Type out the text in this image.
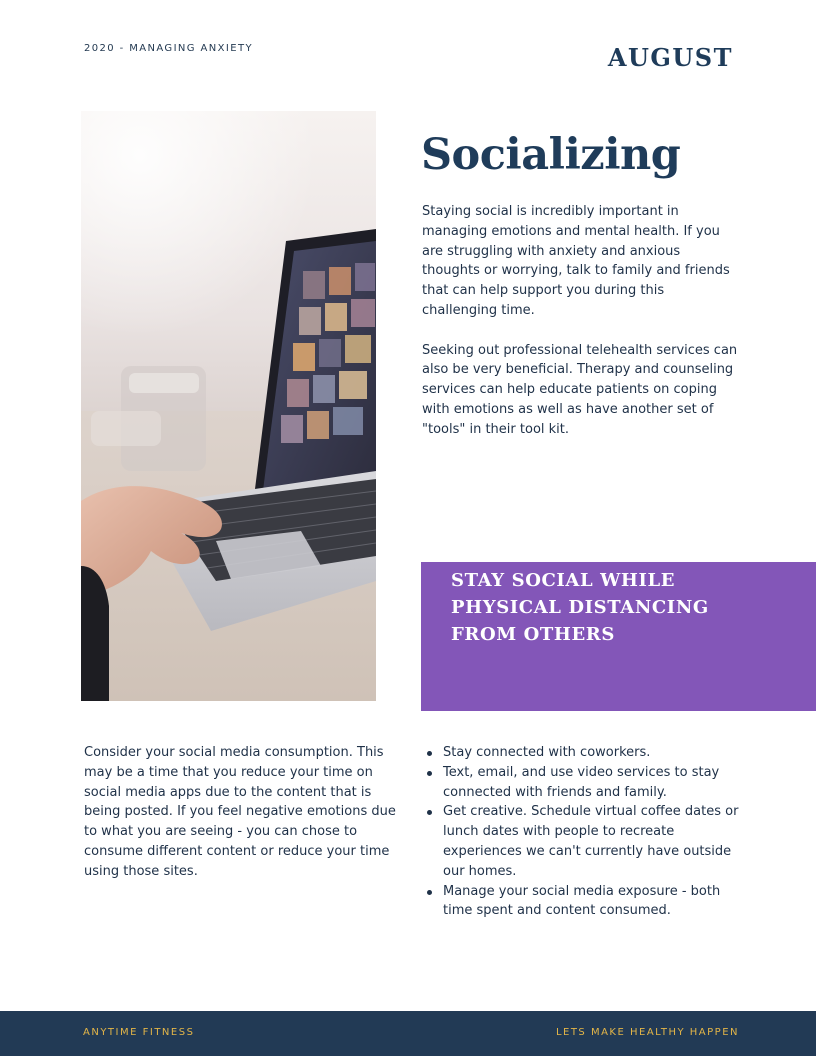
2020 - MANAGING ANXIETY	AUGUST
Socializing

Staying social is incredibly important in managing emotions and mental health. If you are struggling with anxiety and anxious thoughts or worrying, talk to family and friends that can help support you during this challenging time.

Seeking out professional telehealth services can also be very beneficial. Therapy and counseling services can help educate patients on coping with emotions as well as have another set of "tools" in their tool kit.

STAY SOCIAL WHILE
PHYSICAL DISTANCING
FROM OTHERS

Consider your social media consumption. This may be a time that you reduce your time on social media apps due to the content that is being posted. If you feel negative emotions due to what you are seeing - you can chose to consume different content or reduce your time using those sites.

Stay connected with coworkers.
Text, email, and use video services to stay connected with friends and family.
Get creative. Schedule virtual coffee dates or lunch dates with people to recreate experiences we can't currently have outside our homes.
Manage your social media exposure - both time spent and content consumed.
ANYTIME FITNESS	LETS MAKE HEALTHY HAPPEN
